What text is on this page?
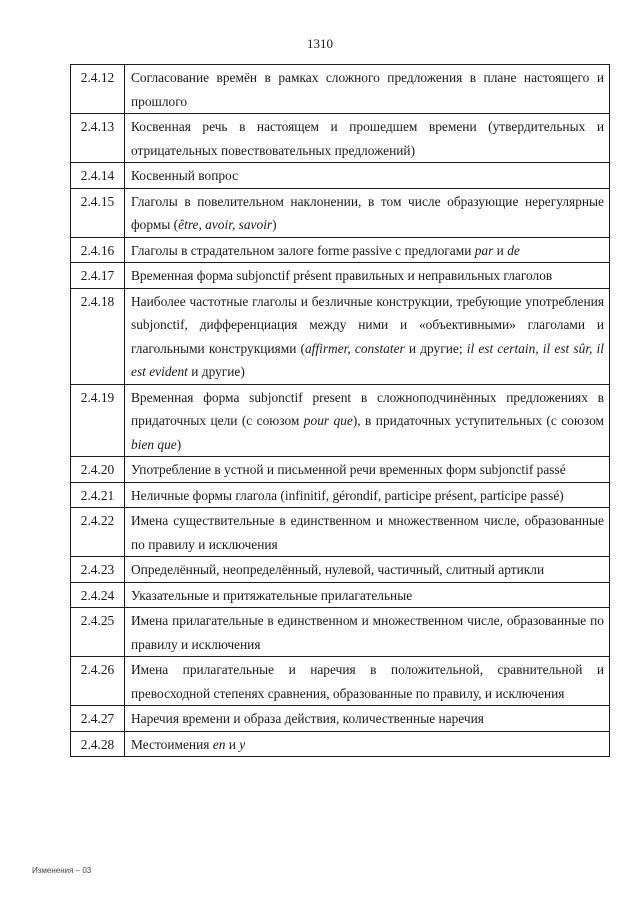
1310
2.4.12	Согласование времён в рамках сложного предложения в плане настоящего и прошлого
2.4.13	Косвенная речь в настоящем и прошедшем времени (утвердительных и отрицательных повествовательных предложений)
2.4.14	Косвенный вопрос
2.4.15	Глаголы в повелительном наклонении, в том числе образующие нерегулярные формы (être, avoir, savoir)
2.4.16	Глаголы в страдательном залоге forme passive с предлогами par и de
2.4.17	Временная форма subjonctif présent правильных и неправильных глаголов
2.4.18	Наиболее частотные глаголы и безличные конструкции, требующие употребления subjonctif, дифференциация между ними и «объективными» глаголами и глагольными конструкциями (affirmer, constater и другие; il est certain, il est sûr, il est evident и другие)
2.4.19	Временная форма subjonctif present в сложноподчинённых предложениях в придаточных цели (с союзом pour que), в придаточных уступительных (с союзом bien que)
2.4.20	Употребление в устной и письменной речи временных форм subjonctif passé
2.4.21	Неличные формы глагола (infinitif, gérondif, participe présent, participe passé)
2.4.22	Имена существительные в единственном и множественном числе, образованные по правилу и исключения
2.4.23	Определённый, неопределённый, нулевой, частичный, слитный артикли
2.4.24	Указательные и притяжательные прилагательные
2.4.25	Имена прилагательные в единственном и множественном числе, образованные по правилу и исключения
2.4.26	Имена прилагательные и наречия в положительной, сравнительной и превосходной степенях сравнения, образованные по правилу, и исключения
2.4.27	Наречия времени и образа действия, количественные наречия
2.4.28	Местоимения en и y
Изменения – 03
